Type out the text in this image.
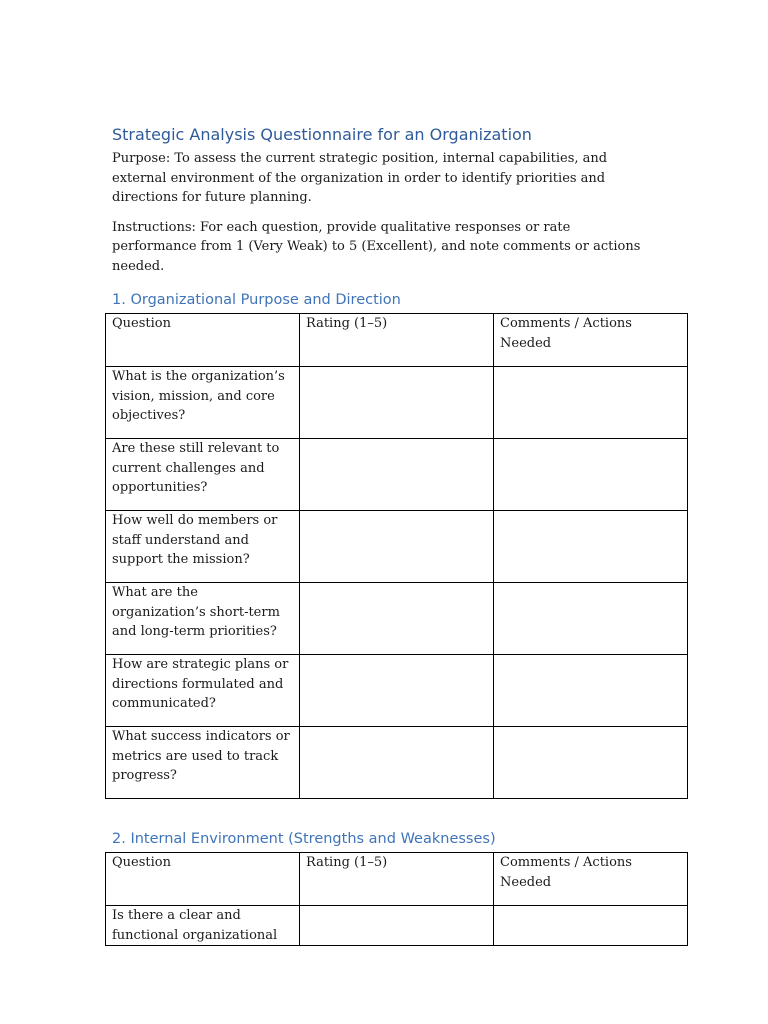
Strategic Analysis Questionnaire for an Organization

Purpose: To assess the current strategic position, internal capabilities, and external environment of the organization in order to identify priorities and directions for future planning.

Instructions: For each question, provide qualitative responses or rate performance from 1 (Very Weak) to 5 (Excellent), and note comments or actions needed.

1. Organizational Purpose and Direction
Question	Rating (1–5)	Comments / Actions Needed
What is the organization’s vision, mission, and core objectives?		
Are these still relevant to current challenges and opportunities?		
How well do members or staff understand and support the mission?		
What are the organization’s short-term and long-term priorities?		
How are strategic plans or directions formulated and communicated?		
What success indicators or metrics are used to track progress?		
2. Internal Environment (Strengths and Weaknesses)
Question	Rating (1–5)	Comments / Actions Needed
Is there a clear and functional organizational		
